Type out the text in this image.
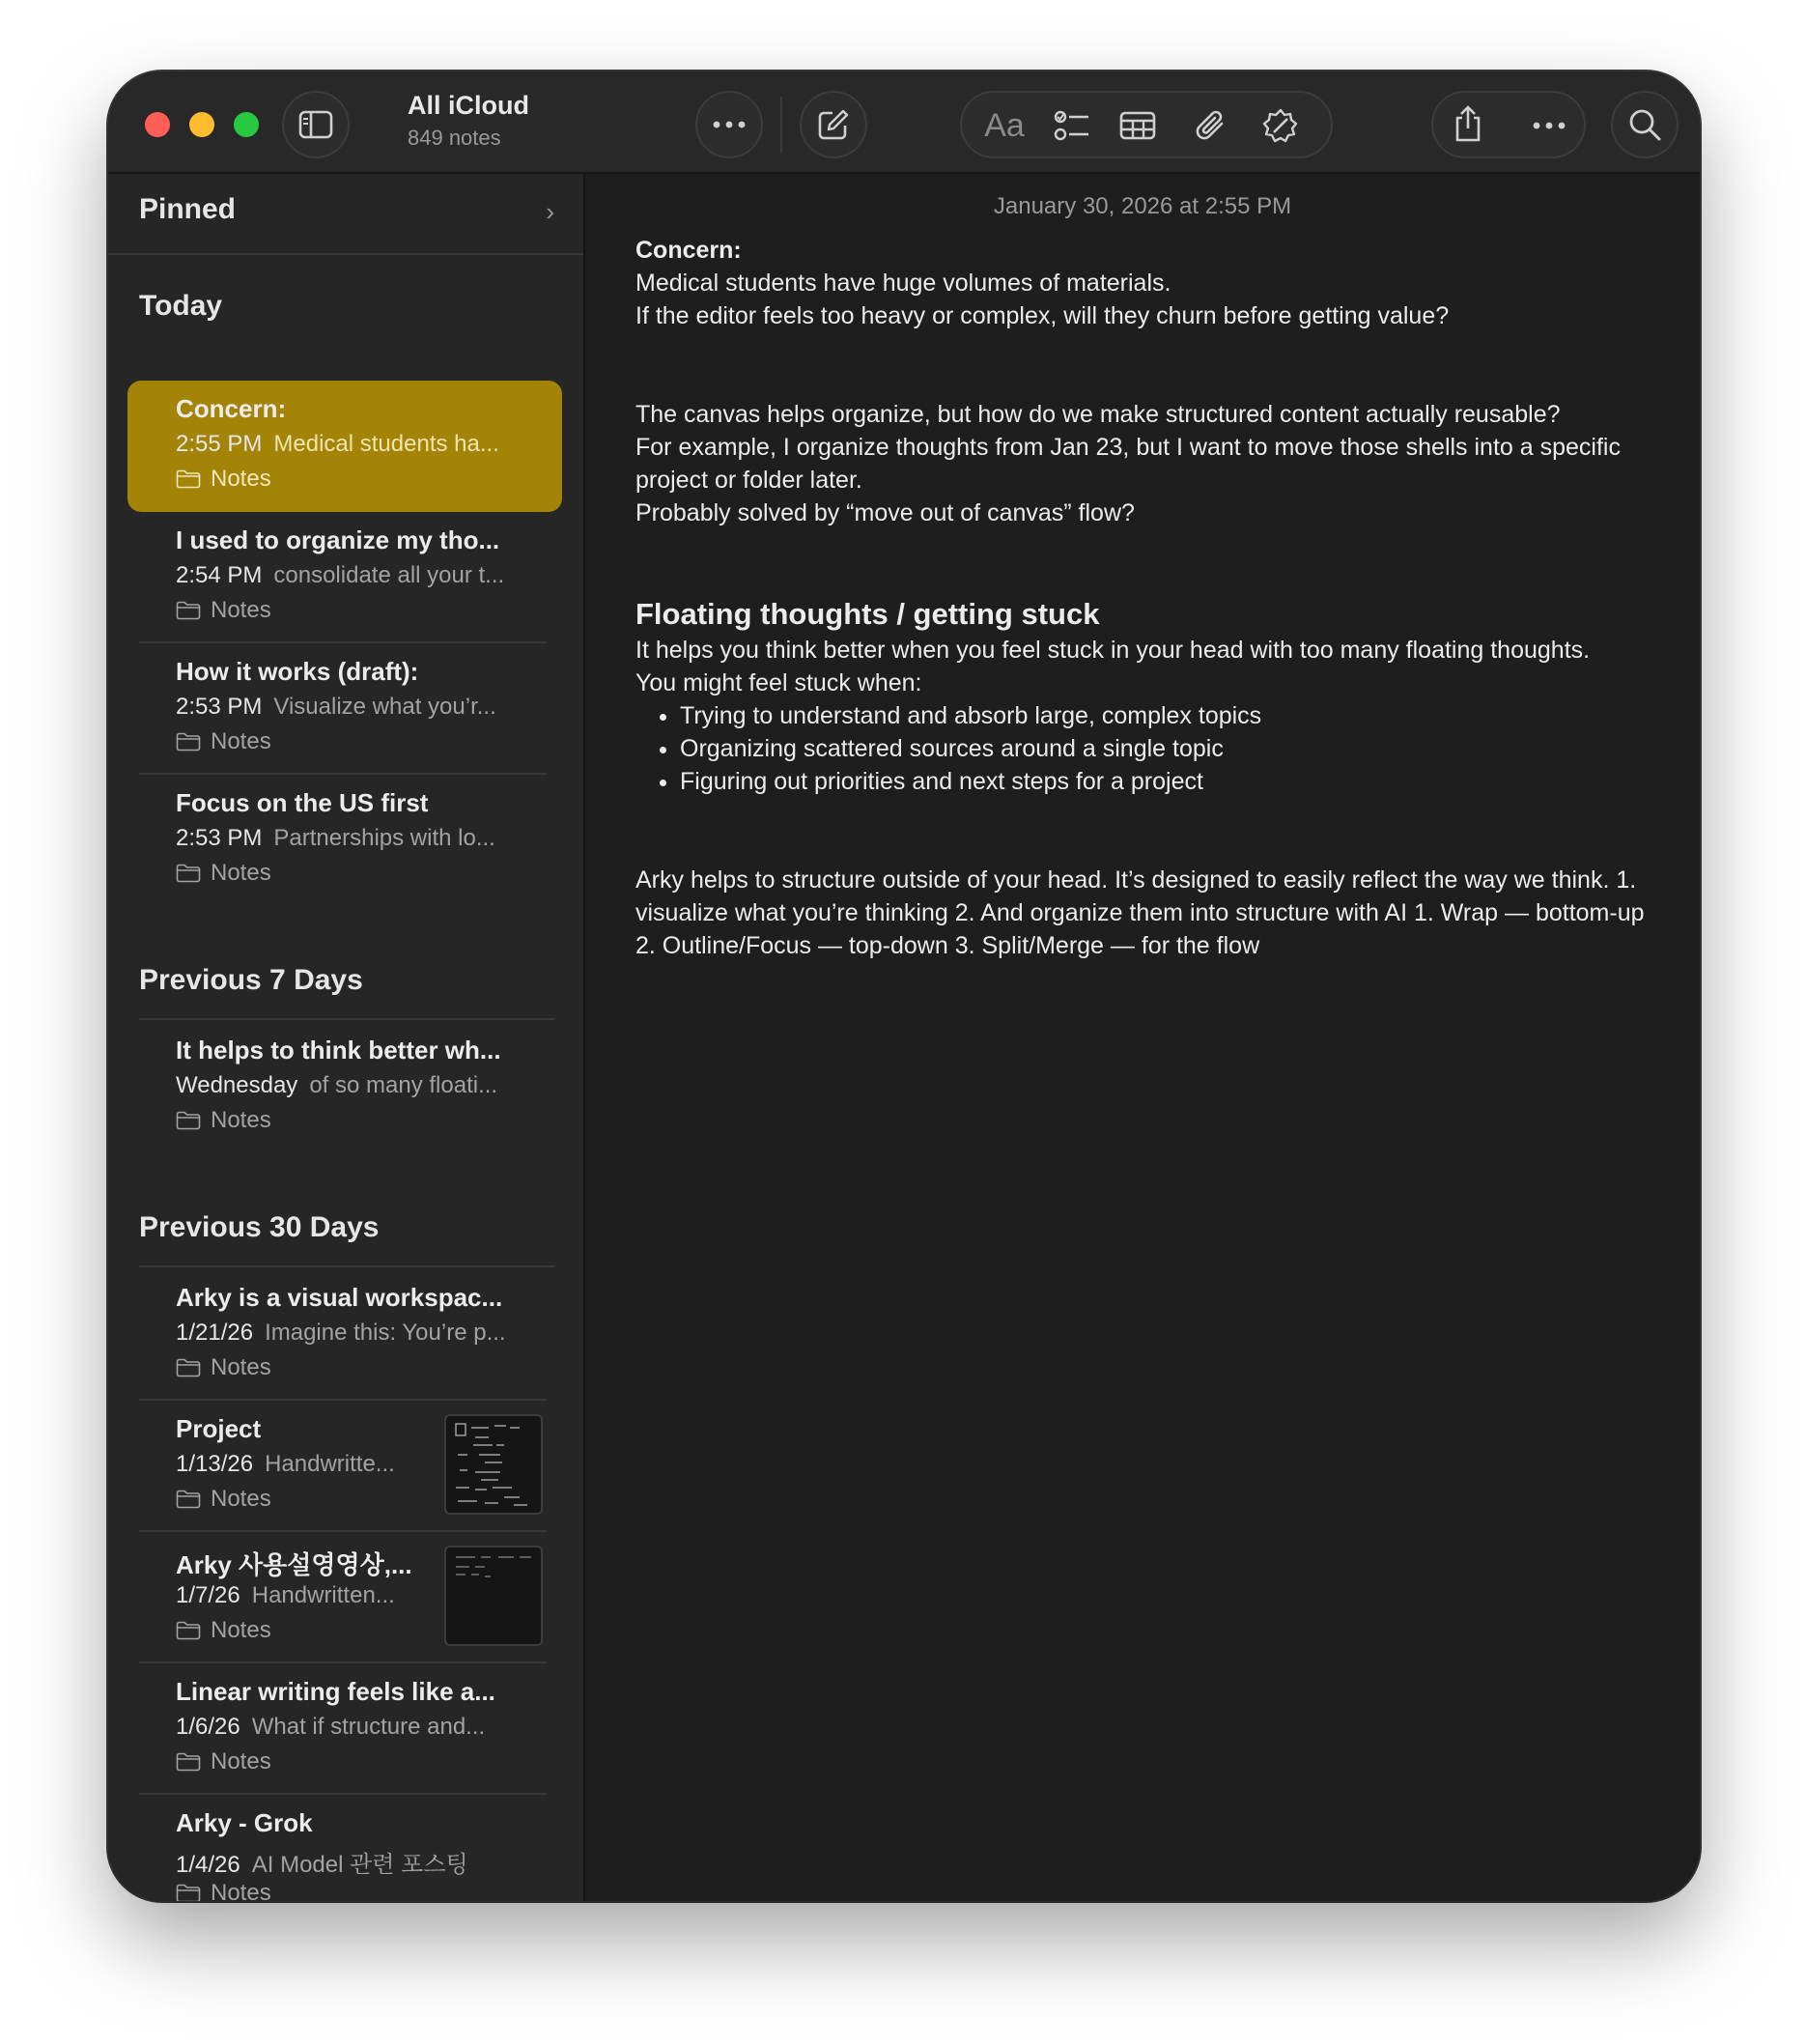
All iCloud
849 notes	Aa
Pinned	›
Today
Concern:
2:55 PM Medical students ha...
Notes
I used to organize my tho...
2:54 PM consolidate all your t...
Notes
How it works (draft):
2:53 PM Visualize what you’r...
Notes
Focus on the US first
2:53 PM Partnerships with lo...
Notes
Previous 7 Days
It helps to think better wh...
Wednesday of so many floati...
Notes
Previous 30 Days
Arky is a visual workspac...
1/21/26 Imagine this: You’re p...
Notes
Project
1/13/26 Handwritte...
Notes
Arky 사용설영영상,...
1/7/26 Handwritten...
Notes
Linear writing feels like a...
1/6/26 What if structure and...
Notes
Arky - Grok
1/4/26 AI Model 관련 포스팅
Notes
January 30, 2026 at 2:55 PM

Concern:

Medical students have huge volumes of materials.

If the editor feels too heavy or complex, will they churn before getting value?

The canvas helps organize, but how do we make structured content actually reusable?

For example, I organize thoughts from Jan 23, but I want to move those shells into a specific project or folder later.

Probably solved by “move out of canvas” flow?

Floating thoughts / getting stuck

It helps you think better when you feel stuck in your head with too many floating thoughts.

You might feel stuck when:

• Trying to understand and absorb large, complex topics
• Organizing scattered sources around a single topic
• Figuring out priorities and next steps for a project

Arky helps to structure outside of your head. It’s designed to easily reflect the way we think. 1. visualize what you’re thinking 2. And organize them into structure with AI 1. Wrap — bottom-up 2. Outline/Focus — top-down 3. Split/Merge — for the flow
